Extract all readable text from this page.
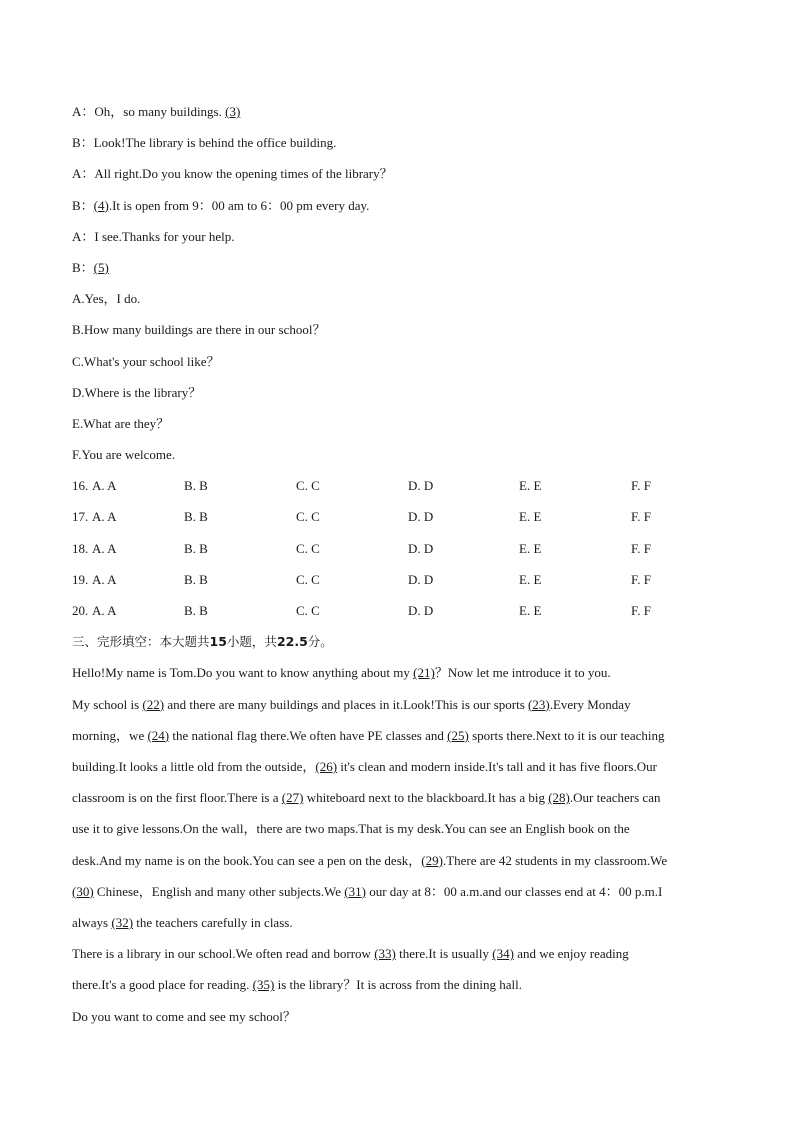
A：Oh，so many buildings. (3)
B：Look!The library is behind the office building.
A：All right.Do you know the opening times of the library？
B：(4).It is open from 9：00 am to 6：00 pm every day.
A：I see.Thanks for your help.
B：(5)
A.Yes，I do.
B.How many buildings are there in our school？
C.What's your school like？
D.Where is the library？
E.What are they？
F.You are welcome.
16. A. A	B. B	C. C	D. D	E. E	F. F
17. A. A	B. B	C. C	D. D	E. E	F. F
18. A. A	B. B	C. C	D. D	E. E	F. F
19. A. A	B. B	C. C	D. D	E. E	F. F
20. A. A	B. B	C. C	D. D	E. E	F. F
三、完形填空：本大题共15小题，共22.5分。
Hello!My name is Tom.Do you want to know anything about my (21)？Now let me introduce it to you.
My school is (22) and there are many buildings and places in it.Look!This is our sports (23).Every Monday
morning，we (24) the national flag there.We often have PE classes and (25) sports there.Next to it is our teaching
building.It looks a little old from the outside，(26) it's clean and modern inside.It's tall and it has five floors.Our
classroom is on the first floor.There is a (27) whiteboard next to the blackboard.It has a big (28).Our teachers can
use it to give lessons.On the wall，there are two maps.That is my desk.You can see an English book on the
desk.And my name is on the book.You can see a pen on the desk，(29).There are 42 students in my classroom.We
(30) Chinese，English and many other subjects.We (31) our day at 8：00 a.m.and our classes end at 4：00 p.m.I
always (32) the teachers carefully in class.
There is a library in our school.We often read and borrow (33) there.It is usually (34) and we enjoy reading
there.It's a good place for reading. (35) is the library？It is across from the dining hall.
Do you want to come and see my school？
